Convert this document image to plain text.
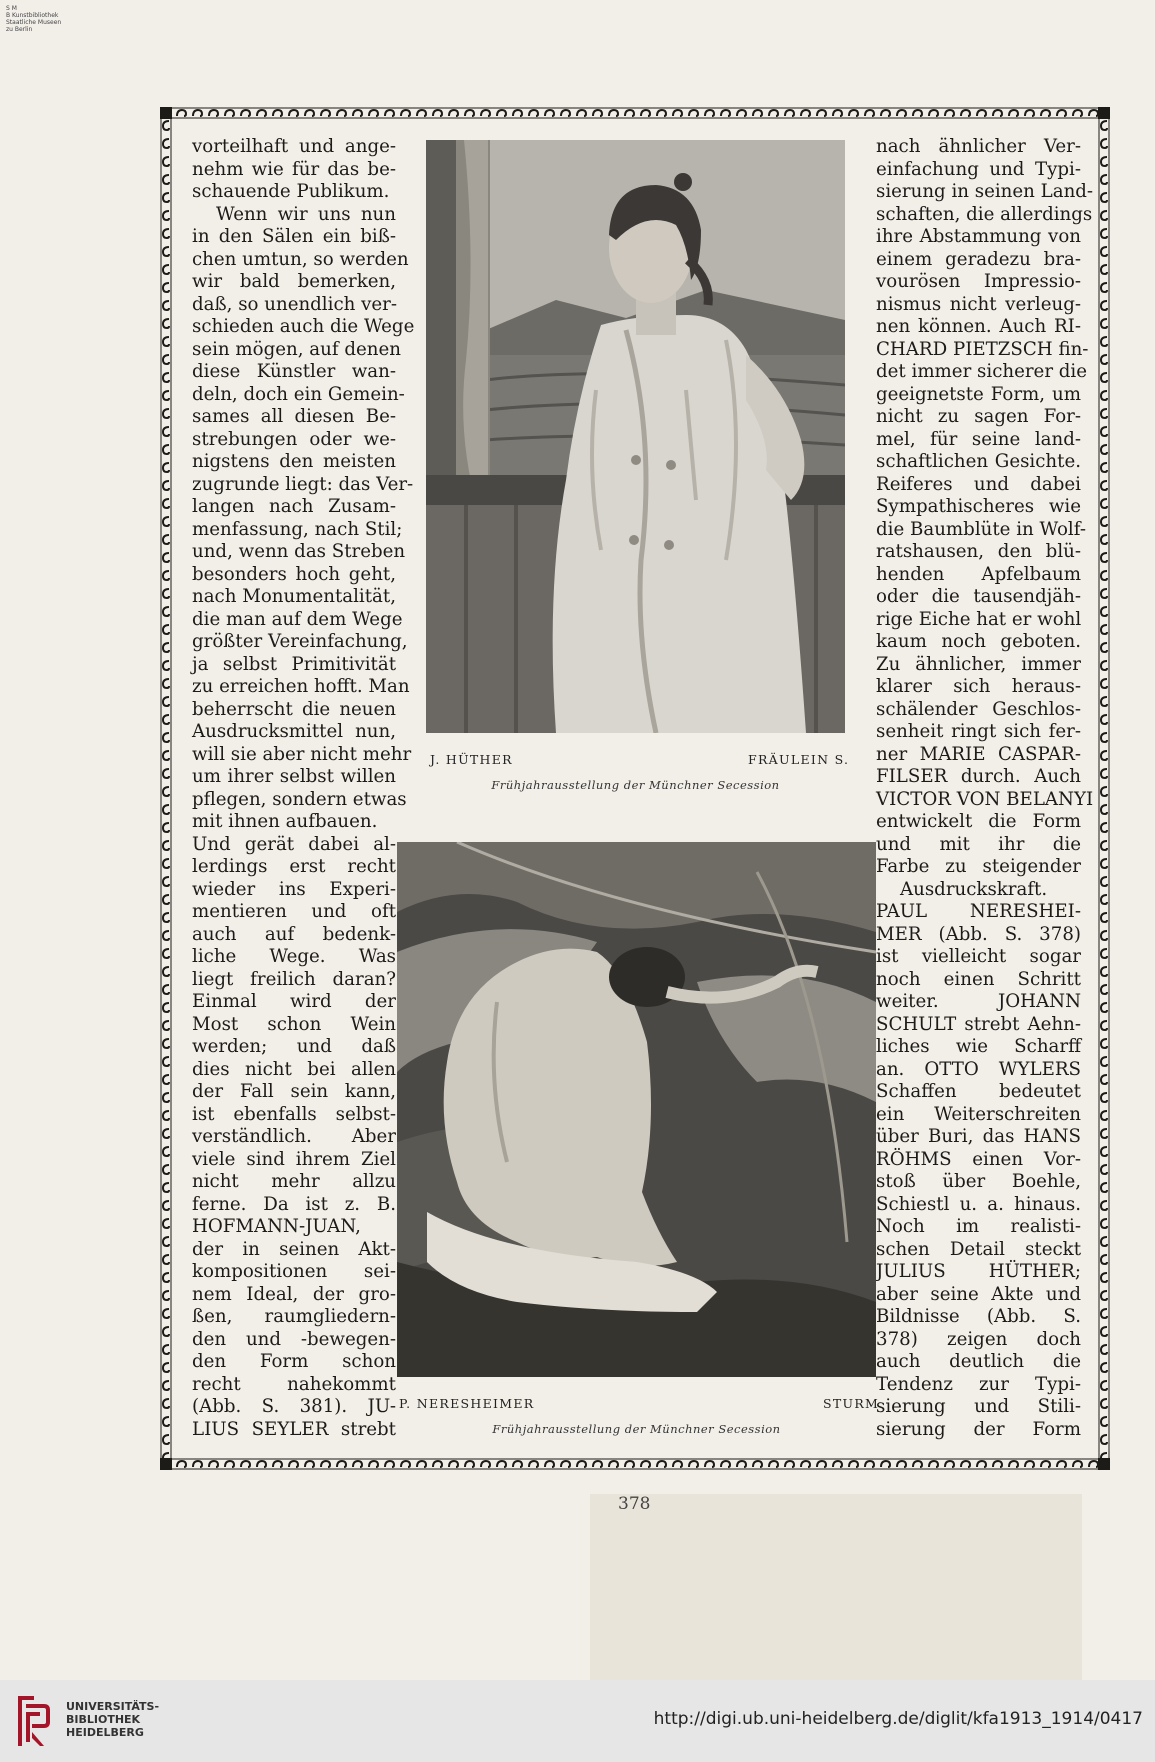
S M
B Kunstbibliothek
Staatliche Museen
zu Berlin

vorteilhaft und ange-

nehm wie für das be-

schauende Publikum.

Wenn wir uns nun

in den Sälen ein biß-

chen umtun, so werden

wir bald bemerken,

daß, so unendlich ver-

schieden auch die Wege

sein mögen, auf denen

diese Künstler wan-

deln, doch ein Gemein-

sames all diesen Be-

strebungen oder we-

nigstens den meisten

zugrunde liegt: das Ver-

langen nach Zusam-

menfassung, nach Stil;

und, wenn das Streben

besonders hoch geht,

nach Monumentalität,

die man auf dem Wege

größter Vereinfachung,

ja selbst Primitivität

zu erreichen hofft. Man

beherrscht die neuen

Ausdrucksmittel nun,

will sie aber nicht mehr

um ihrer selbst willen

pflegen, sondern etwas

mit ihnen aufbauen.

Und gerät dabei al-

lerdings erst recht

wieder ins Experi-

mentieren und oft

auch auf bedenk-

liche Wege. Was

liegt freilich daran?

Einmal wird der

Most schon Wein

werden; und daß

dies nicht bei allen

der Fall sein kann,

ist ebenfalls selbst-

verständlich. Aber

viele sind ihrem Ziel

nicht mehr allzu

ferne. Da ist z. B.

HOFMANN-JUAN,

der in seinen Akt-

kompositionen sei-

nem Ideal, der gro-

ßen, raumgliedern-

den und -bewegen-

den Form schon

recht nahekommt

(Abb. S. 381). JU-

LIUS SEYLER strebt

nach ähnlicher Ver-

einfachung und Typi-

sierung in seinen Land-

schaften, die allerdings

ihre Abstammung von

einem geradezu bra-

vourösen Impressio-

nismus nicht verleug-

nen können. Auch RI-

CHARD PIETZSCH fin-

det immer sicherer die

geeignetste Form, um

nicht zu sagen For-

mel, für seine land-

schaftlichen Gesichte.

Reiferes und dabei

Sympathischeres wie

die Baumblüte in Wolf-

ratshausen, den blü-

henden Apfelbaum

oder die tausendjäh-

rige Eiche hat er wohl

kaum noch geboten.

Zu ähnlicher, immer

klarer sich heraus-

schälender Geschlos-

senheit ringt sich fer-

ner MARIE CASPAR-

FILSER durch. Auch

VICTOR VON BELANYI

entwickelt die Form

und mit ihr die

Farbe zu steigender

Ausdruckskraft.

PAUL NERESHEI-

MER (Abb. S. 378)

ist vielleicht sogar

noch einen Schritt

weiter. JOHANN

SCHULT strebt Aehn-

liches wie Scharff

an. OTTO WYLERS

Schaffen bedeutet

ein Weiterschreiten

über Buri, das HANS

RÖHMS einen Vor-

stoß über Boehle,

Schiestl u. a. hinaus.

Noch im realisti-

schen Detail steckt

JULIUS HÜTHER;

aber seine Akte und

Bildnisse (Abb. S.

378) zeigen doch

auch deutlich die

Tendenz zur Typi-

sierung und Stili-

sierung der Form

J. HÜTHER	FRÄULEIN S.
Frühjahrausstellung der Münchner Secession
P. NERESHEIMER	STURM
Frühjahrausstellung der Münchner Secession
378
UNIVERSITÄTS-
BIBLIOTHEK
HEIDELBERG
http://digi.ub.uni-heidelberg.de/diglit/kfa1913_1914/0417
